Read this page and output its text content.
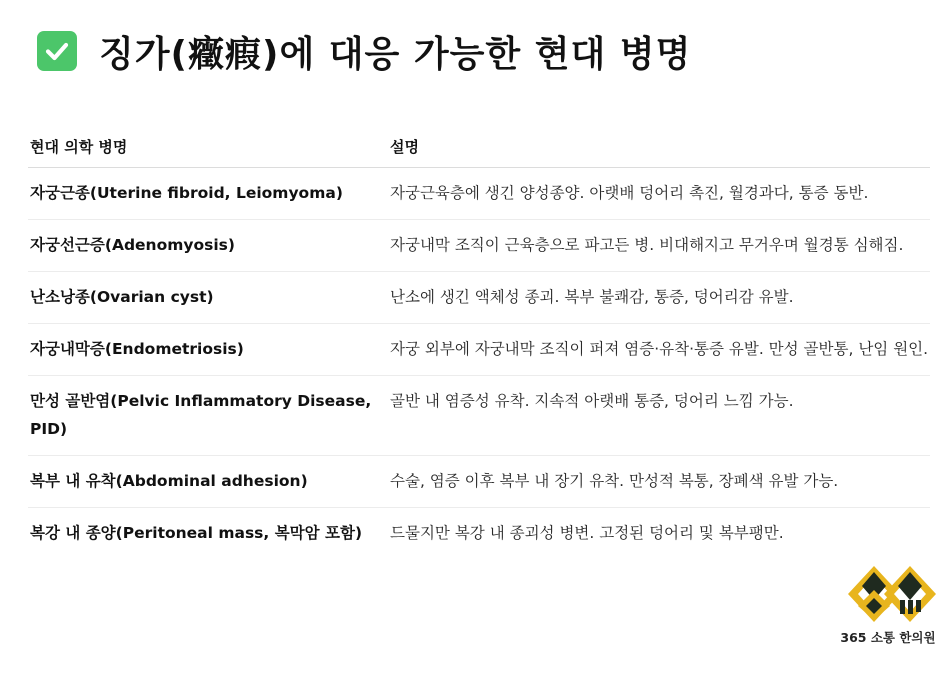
징가(癥瘕)에 대응 가능한 현대 병명
현대 의학 병명	설명
자궁근종(Uterine fibroid, Leiomyoma)	자궁근육층에 생긴 양성종양. 아랫배 덩어리 촉진, 월경과다, 통증 동반.
자궁선근증(Adenomyosis)	자궁내막 조직이 근육층으로 파고든 병. 비대해지고 무거우며 월경통 심해짐.
난소낭종(Ovarian cyst)	난소에 생긴 액체성 종괴. 복부 불쾌감, 통증, 덩어리감 유발.
자궁내막증(Endometriosis)	자궁 외부에 자궁내막 조직이 퍼져 염증·유착·통증 유발. 만성 골반통, 난임 원인.
만성 골반염(Pelvic Inflammatory Disease, PID)	골반 내 염증성 유착. 지속적 아랫배 통증, 덩어리 느낌 가능.
복부 내 유착(Abdominal adhesion)	수술, 염증 이후 복부 내 장기 유착. 만성적 복통, 장폐색 유발 가능.
복강 내 종양(Peritoneal mass, 복막암 포함)	드물지만 복강 내 종괴성 병변. 고정된 덩어리 및 복부팽만.
365 소통 한의원
